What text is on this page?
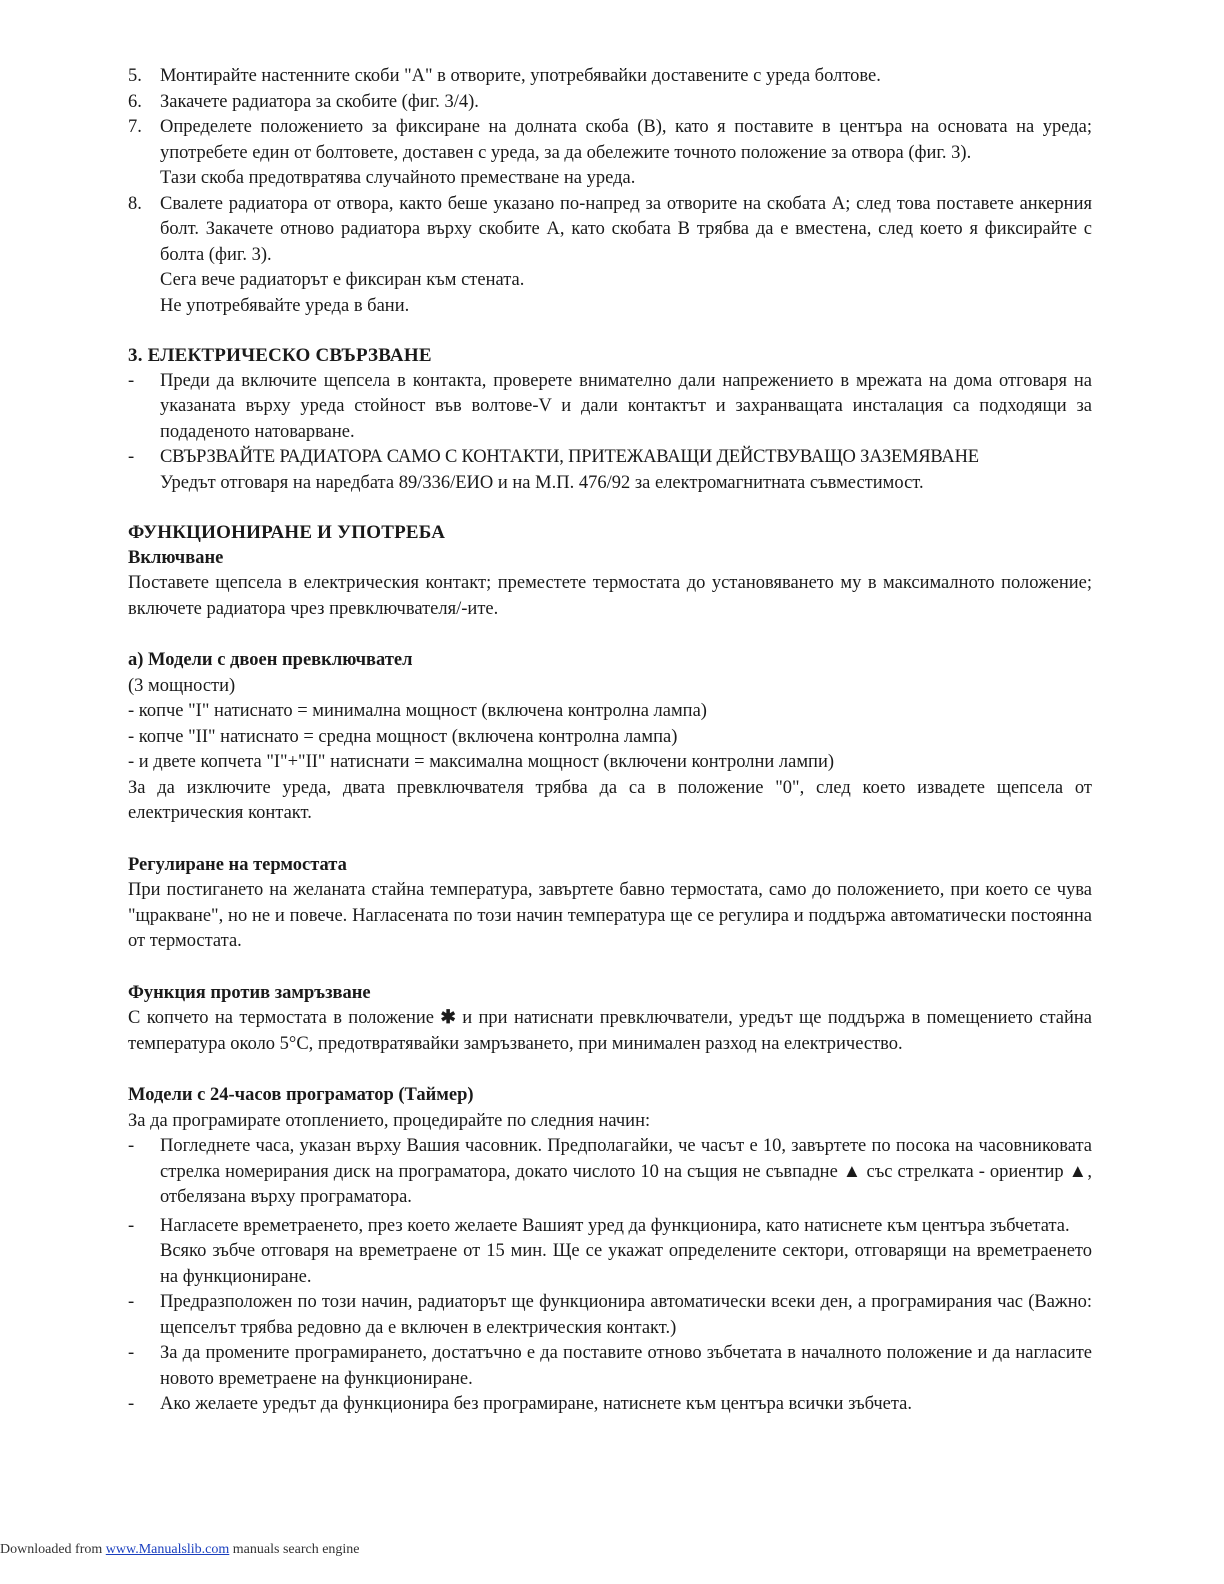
5. Монтирайте настенните скоби "A" в отворите, употребявайки доставените с уреда болтове.

6. Закачете радиатора за скобите (фиг. 3/4).

7. Определете положението за фиксиране на долната скоба (B), като я поставите в центъра на основата на уреда; употребете един от болтовете, доставен с уреда, за да обележите точното положение за отвора (фиг. 3).

Тази скоба предотвратява случайното преместване на уреда.

8. Свалете радиатора от отвора, както беше указано по-напред за отворите на скобата A; след това поставете анкерния болт. Закачете отново радиатора върху скобите A, като скобата B трябва да е вместена, след което я фиксирайте с болта (фиг. 3).

Сега вече радиаторът е фиксиран към стената.

Не употребявайте уреда в бани.

3. ЕЛЕКТРИЧЕСКО СВЪРЗВАНЕ
-	Преди да включите щепсела в контакта, проверете внимателно дали напрежението в мрежата на дома отговаря на указаната върху уреда стойност във волтове-V и дали контактът и захранващата инсталация са подходящи за подаденото натоварване.

-	СВЪРЗВАЙТЕ РАДИАТОРА САМО С КОНТАКТИ, ПРИТЕЖАВАЩИ ДЕЙСТВУВАЩО ЗАЗЕМЯВАНЕ

Уредът отговаря на наредбата 89/336/ЕИО и на М.П. 476/92 за електромагнитната съвместимост.

ФУНКЦИОНИРАНЕ И УПОТРЕБА
Включване

Поставете щепсела в електрическия контакт; преместете термостата до установяването му в максималното положение; включете радиатора чрез превключвателя/-ите.

a) Модели с двоен превключвател

(3 мощности)

- копче "I" натиснато = минимална мощност (включена контролна лампа)

- копче "II" натиснато = средна мощност (включена контролна лампа)

- и двете копчета "I"+"II" натиснати = максимална мощност (включени контролни лампи)

За да изключите уреда, двата превключвателя трябва да са в положение "0", след което извадете щепсела от електрическия контакт.

Регулиране на термостата

При постигането на желаната стайна температура, завъртете бавно термостата, само до положението, при което се чува "щракване", но не и повече. Нагласената по този начин температура ще се регулира и поддържа автоматически постоянна от термостата.

Функция против замръзване

С копчето на термостата в положение ✱ и при натиснати превключватели, уредът ще поддържа в помещението стайна температура около 5°C, предотвратявайки замръзването, при минимален разход на електричество.

Модели с 24-часов програматор (Таймер)

За да програмирате отоплението, процедирайте по следния начин:

-	Погледнете часа, указан върху Вашия часовник. Предполагайки, че часът е 10, завъртете по посока на часовниковата стрелка номерирания диск на програматора, докато числото 10 на същия не съвпадне ▲ със стрелката - ориентир ▲, отбелязана върху програматора.

-	Нагласете времетраенето, през което желаете Вашият уред да функционира, като натиснете към центъра зъбчетата.

Всяко зъбче отговаря на времетраене от 15 мин. Ще се укажат определените сектори, отговарящи на времетраенето на функциониране.

-	Предразположен по този начин, радиаторът ще функционира автоматически всеки ден, а програмирания час (Важно: щепселът трябва редовно да е включен в електрическия контакт.)

-	За да промените програмирането, достатъчно е да поставите отново зъбчетата в началното положение и да нагласите новото времетраене на функциониране.

-	Ако желаете уредът да функционира без програмиране, натиснете към центъра всички зъбчета.

Downloaded from www.Manualslib.com manuals search engine
